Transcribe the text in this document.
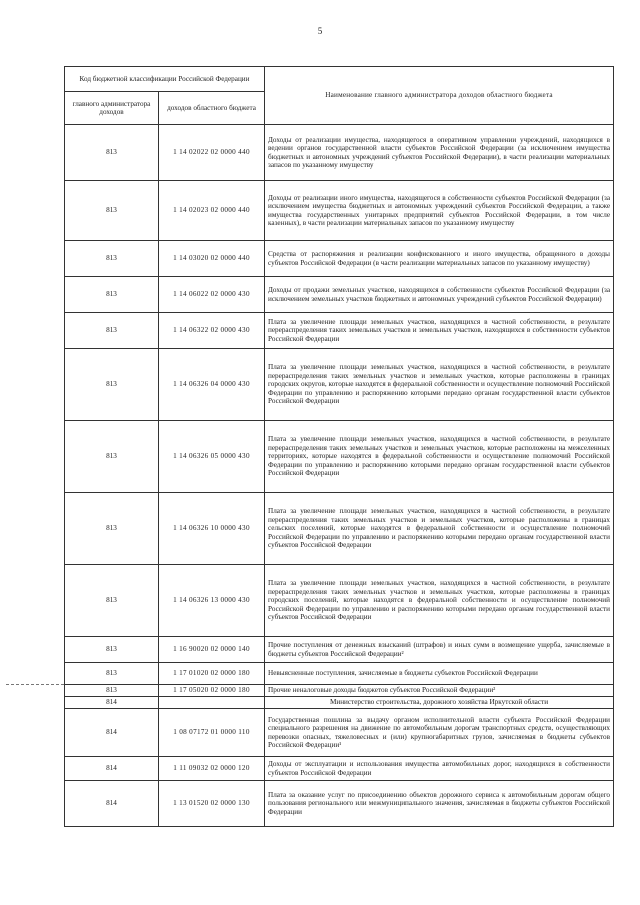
5
Код бюджетной классификации Российской Федерации		Наименование главного администратора доходов областного бюджета
главного администратора доходов	доходов областного бюджета	
813	1 14 02022 02 0000 440	Доходы от реализации имущества, находящегося в оперативном управлении учреждений, находящихся в ведении органов государственной власти субъектов Российской Федерации (за исключением имущества бюджетных и автономных учреждений субъектов Российской Федерации), в части реализации материальных запасов по указанному имуществу
813	1 14 02023 02 0000 440	Доходы от реализации иного имущества, находящегося в собственности субъектов Российской Федерации (за исключением имущества бюджетных и автономных учреждений субъектов Российской Федерации, а также имущества государственных унитарных предприятий субъектов Российской Федерации, в том числе казенных), в части реализации материальных запасов по указанному имуществу
813	1 14 03020 02 0000 440	Средства от распоряжения и реализации конфискованного и иного имущества, обращенного в доходы субъектов Российской Федерации (в части реализации материальных запасов по указанному имуществу)
813	1 14 06022 02 0000 430	Доходы от продажи земельных участков, находящихся в собственности субъектов Российской Федерации (за исключением земельных участков бюджетных и автономных учреждений субъектов Российской Федерации)
813	1 14 06322 02 0000 430	Плата за увеличение площади земельных участков, находящихся в частной собственности, в результате перераспределения таких земельных участков и земельных участков, находящихся в собственности субъектов Российской Федерации
813	1 14 06326 04 0000 430	Плата за увеличение площади земельных участков, находящихся в частной собственности, в результате перераспределения таких земельных участков и земельных участков, которые расположены в границах городских округов, которые находятся в федеральной собственности и осуществление полномочий Российской Федерации по управлению и распоряжению которыми передано органам государственной власти субъектов Российской Федерации
813	1 14 06326 05 0000 430	Плата за увеличение площади земельных участков, находящихся в частной собственности, в результате перераспределения таких земельных участков и земельных участков, которые расположены на межселенных территориях, которые находятся в федеральной собственности и осуществление полномочий Российской Федерации по управлению и распоряжению которыми передано органам государственной власти субъектов Российской Федерации
813	1 14 06326 10 0000 430	Плата за увеличение площади земельных участков, находящихся в частной собственности, в результате перераспределения таких земельных участков и земельных участков, которые расположены в границах сельских поселений, которые находятся в федеральной собственности и осуществление полномочий Российской Федерации по управлению и распоряжению которыми передано органам государственной власти субъектов Российской Федерации
813	1 14 06326 13 0000 430	Плата за увеличение площади земельных участков, находящихся в частной собственности, в результате перераспределения таких земельных участков и земельных участков, которые расположены в границах городских поселений, которые находятся в федеральной собственности и осуществление полномочий Российской Федерации по управлению и распоряжению которыми передано органам государственной власти субъектов Российской Федерации
813	1 16 90020 02 0000 140	Прочие поступления от денежных взысканий (штрафов) и иных сумм в возмещение ущерба, зачисляемые в бюджеты субъектов Российской Федерации²
813	1 17 01020 02 0000 180	Невыясненные поступления, зачисляемые в бюджеты субъектов Российской Федерации
813	1 17 05020 02 0000 180	Прочие неналоговые доходы бюджетов субъектов Российской Федерации²
814		Министерство строительства, дорожного хозяйства Иркутской области
814	1 08 07172 01 0000 110	Государственная пошлина за выдачу органом исполнительной власти субъекта Российской Федерации специального разрешения на движение по автомобильным дорогам транспортных средств, осуществляющих перевозки опасных, тяжеловесных и (или) крупногабаритных грузов, зачисляемая в бюджеты субъектов Российской Федерации¹
814	1 11 09032 02 0000 120	Доходы от эксплуатации и использования имущества автомобильных дорог, находящихся в собственности субъектов Российской Федерации
814	1 13 01520 02 0000 130	Плата за оказание услуг по присоединению объектов дорожного сервиса к автомобильным дорогам общего пользования регионального или межмуниципального значения, зачисляемая в бюджеты субъектов Российской Федерации
